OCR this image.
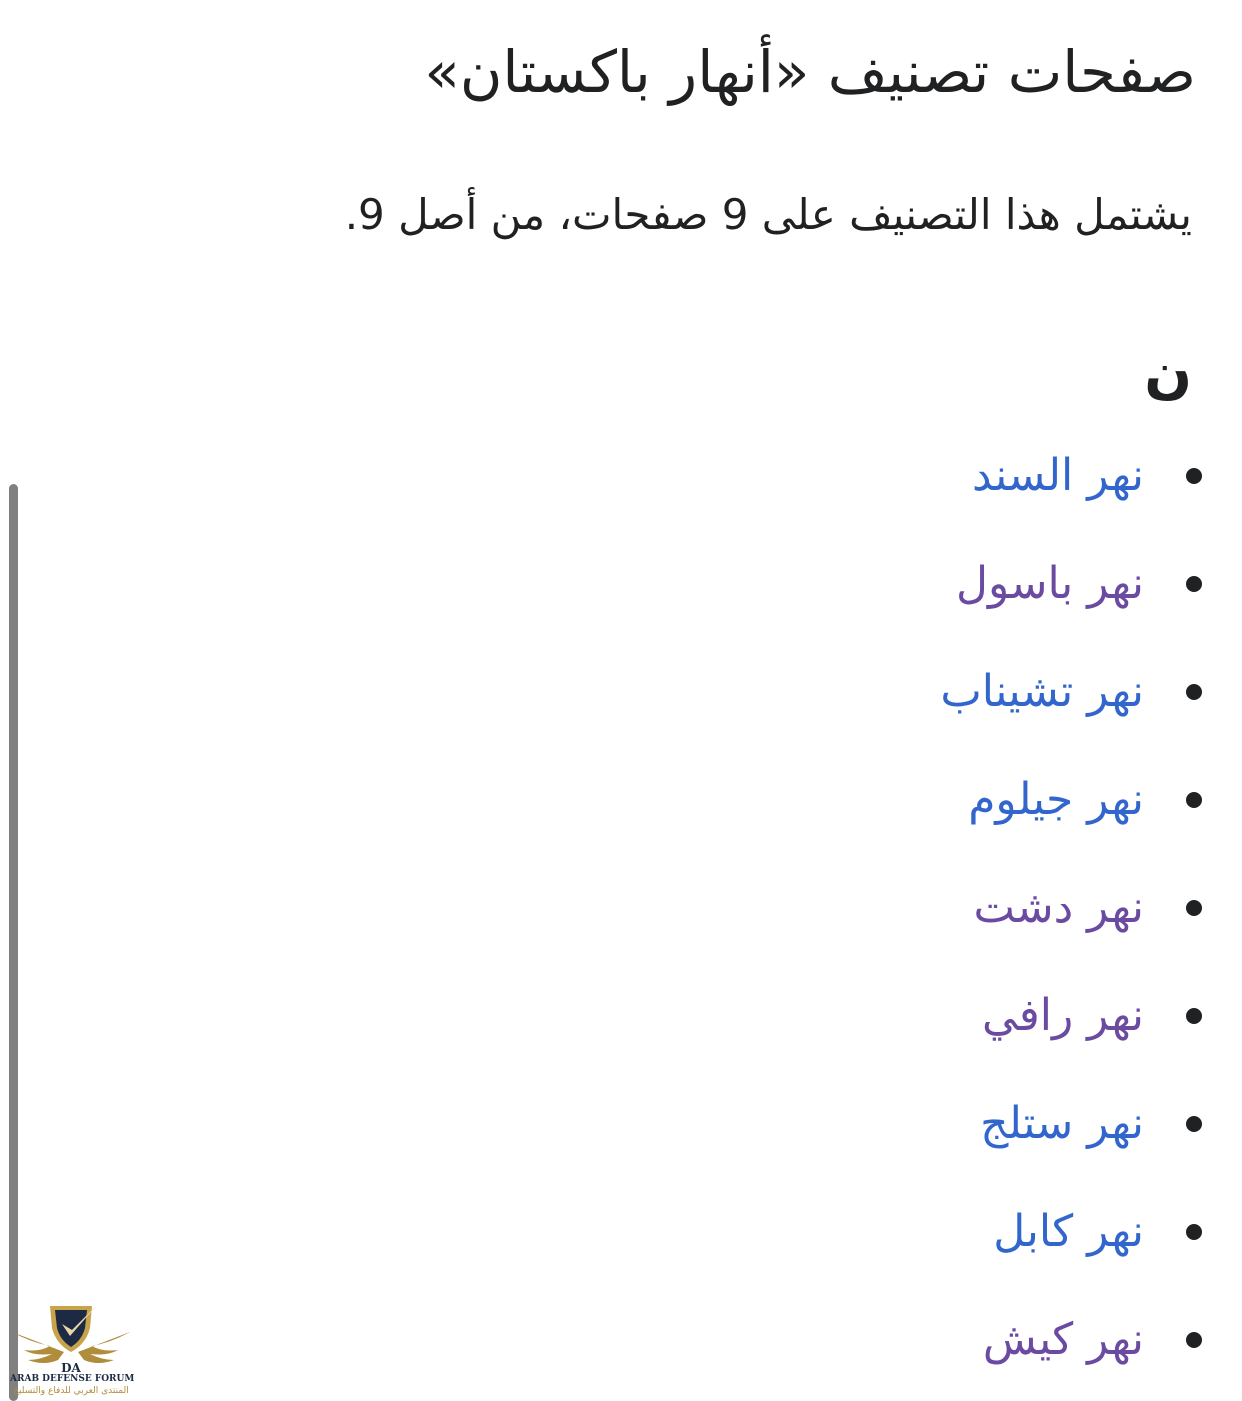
صفحات تصنيف «أنهار باكستان»

يشتمل هذا التصنيف على 9 صفحات، من أصل 9.

ن
نهر السند
نهر باسول
نهر تشيناب
نهر جيلوم
نهر دشت
نهر رافي
نهر ستلج
نهر كابل
نهر كيش
DA
ARAB DEFENSE FORUM
المنتدى العربي للدفاع والتسليح
